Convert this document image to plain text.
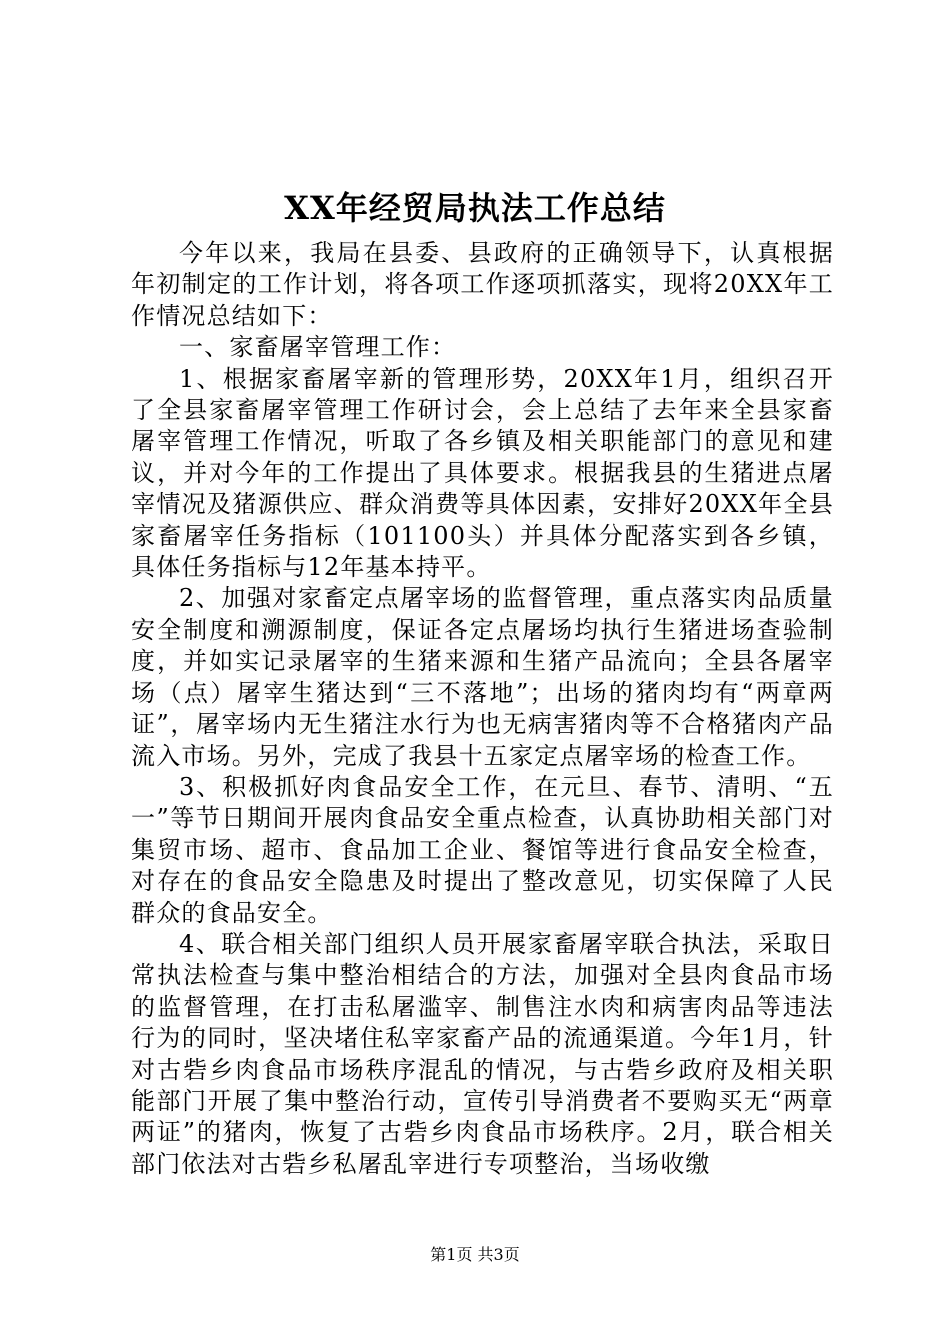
XX年经贸局执法工作总结

今年以来，我局在县委、县政府的正确领导下，认真根据年初制定的工作计划，将各项工作逐项抓落实，现将20XX年工作情况总结如下：

一、家畜屠宰管理工作：

1、根据家畜屠宰新的管理形势，20XX年1月，组织召开了全县家畜屠宰管理工作研讨会，会上总结了去年来全县家畜屠宰管理工作情况，听取了各乡镇及相关职能部门的意见和建议，并对今年的工作提出了具体要求。根据我县的生猪进点屠宰情况及猪源供应、群众消费等具体因素，安排好20XX年全县家畜屠宰任务指标（101100头）并具体分配落实到各乡镇，具体任务指标与12年基本持平。

2、加强对家畜定点屠宰场的监督管理，重点落实肉品质量安全制度和溯源制度，保证各定点屠场均执行生猪进场查验制度，并如实记录屠宰的生猪来源和生猪产品流向；全县各屠宰场（点）屠宰生猪达到“三不落地”；出场的猪肉均有“两章两证”，屠宰场内无生猪注水行为也无病害猪肉等不合格猪肉产品流入市场。另外，完成了我县十五家定点屠宰场的检查工作。

3、积极抓好肉食品安全工作，在元旦、春节、清明、“五一”等节日期间开展肉食品安全重点检查，认真协助相关部门对集贸市场、超市、食品加工企业、餐馆等进行食品安全检查，对存在的食品安全隐患及时提出了整改意见，切实保障了人民群众的食品安全。

4、联合相关部门组织人员开展家畜屠宰联合执法，采取日常执法检查与集中整治相结合的方法，加强对全县肉食品市场的监督管理，在打击私屠滥宰、制售注水肉和病害肉品等违法行为的同时，坚决堵住私宰家畜产品的流通渠道。今年1月，针对古砦乡肉食品市场秩序混乱的情况，与古砦乡政府及相关职能部门开展了集中整治行动，宣传引导消费者不要购买无“两章两证”的猪肉，恢复了古砦乡肉食品市场秩序。2月，联合相关部门依法对古砦乡私屠乱宰进行专项整治，当场收缴

第1页 共3页
